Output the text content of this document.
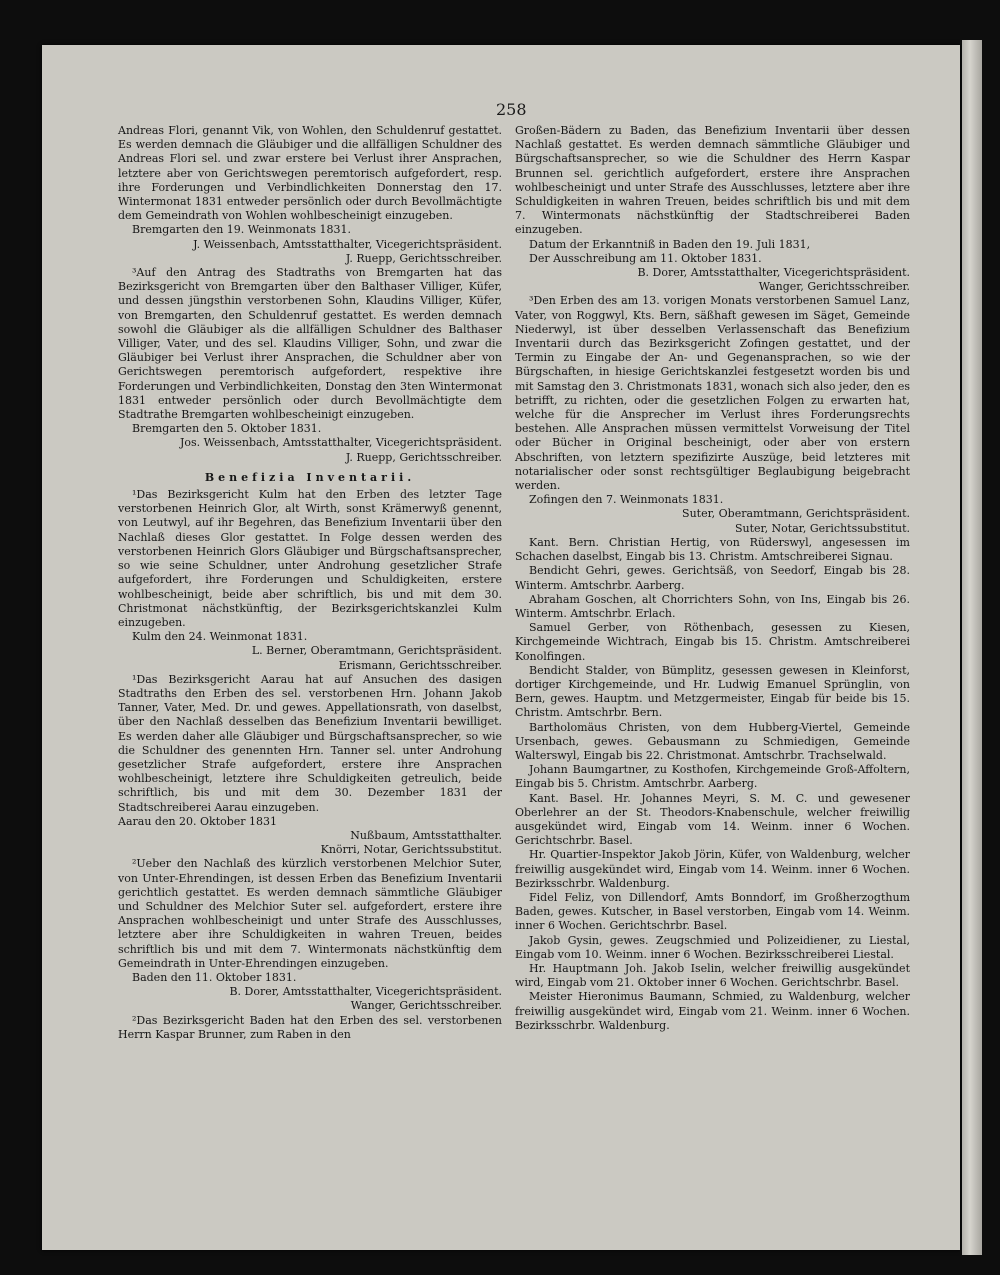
258

Andreas Flori, genannt Vik, von Wohlen, den Schuldenruf gestattet. Es werden demnach die Gläubiger und die allfälligen Schuldner des Andreas Flori sel. und zwar erstere bei Verlust ihrer Ansprachen, letztere aber von Gerichtswegen peremtorisch aufgefordert, resp. ihre Forderungen und Verbindlichkeiten Donnerstag den 17. Wintermonat 1831 entweder persönlich oder durch Bevollmächtigte dem Gemeindrath von Wohlen wohlbescheinigt einzugeben.

Bremgarten den 19. Weinmonats 1831.

J. Weissenbach, Amtsstatthalter, Vicegerichtspräsident.

J. Ruepp, Gerichtsschreiber.

³Auf den Antrag des Stadtraths von Bremgarten hat das Bezirksgericht von Bremgarten über den Balthaser Villiger, Küfer, und dessen jüngsthin verstorbenen Sohn, Klaudins Villiger, Küfer, von Bremgarten, den Schuldenruf gestattet. Es werden demnach sowohl die Gläubiger als die allfälligen Schuldner des Balthaser Villiger, Vater, und des sel. Klaudins Villiger, Sohn, und zwar die Gläubiger bei Verlust ihrer Ansprachen, die Schuldner aber von Gerichtswegen peremtorisch aufgefordert, respektive ihre Forderungen und Verbindlichkeiten, Donstag den 3ten Wintermonat 1831 entweder persönlich oder durch Bevollmächtigte dem Stadtrathe Bremgarten wohlbescheinigt einzugeben.

Bremgarten den 5. Oktober 1831.

Jos. Weissenbach, Amtsstatthalter, Vicegerichtspräsident.

J. Ruepp, Gerichtsschreiber.

Benefizia Inventarii.

¹Das Bezirksgericht Kulm hat den Erben des letzter Tage verstorbenen Heinrich Glor, alt Wirth, sonst Krämerwyß genennt, von Leutwyl, auf ihr Begehren, das Benefizium Inventarii über den Nachlaß dieses Glor gestattet. In Folge dessen werden des verstorbenen Heinrich Glors Gläubiger und Bürgschaftsansprecher, so wie seine Schuldner, unter Androhung gesetzlicher Strafe aufgefordert, ihre Forderungen und Schuldigkeiten, erstere wohlbescheinigt, beide aber schriftlich, bis und mit dem 30. Christmonat nächstkünftig, der Bezirksgerichtskanzlei Kulm einzugeben.

Kulm den 24. Weinmonat 1831.

L. Berner, Oberamtmann, Gerichtspräsident.

Erismann, Gerichtsschreiber.

¹Das Bezirksgericht Aarau hat auf Ansuchen des dasigen Stadtraths den Erben des sel. verstorbenen Hrn. Johann Jakob Tanner, Vater, Med. Dr. und gewes. Appellationsrath, von daselbst, über den Nachlaß desselben das Benefizium Inventarii bewilliget. Es werden daher alle Gläubiger und Bürgschaftsansprecher, so wie die Schuldner des genennten Hrn. Tanner sel. unter Androhung gesetzlicher Strafe aufgefordert, erstere ihre Ansprachen wohlbescheinigt, letztere ihre Schuldigkeiten getreulich, beide schriftlich, bis und mit dem 30. Dezember 1831 der Stadtschreiberei Aarau einzugeben.

Aarau den 20. Oktober 1831

Nußbaum, Amtsstatthalter.

Knörri, Notar, Gerichtssubstitut.

²Ueber den Nachlaß des kürzlich verstorbenen Melchior Suter, von Unter-Ehrendingen, ist dessen Erben das Benefizium Inventarii gerichtlich gestattet. Es werden demnach sämmtliche Gläubiger und Schuldner des Melchior Suter sel. aufgefordert, erstere ihre Ansprachen wohlbescheinigt und unter Strafe des Ausschlusses, letztere aber ihre Schuldigkeiten in wahren Treuen, beides schriftlich bis und mit dem 7. Wintermonats nächstkünftig dem Gemeindrath in Unter-Ehrendingen einzugeben.

Baden den 11. Oktober 1831.

B. Dorer, Amtsstatthalter, Vicegerichtspräsident.

Wanger, Gerichtsschreiber.

²Das Bezirksgericht Baden hat den Erben des sel. verstorbenen Herrn Kaspar Brunner, zum Raben in den

Großen-Bädern zu Baden, das Benefizium Inventarii über dessen Nachlaß gestattet. Es werden demnach sämmtliche Gläubiger und Bürgschaftsansprecher, so wie die Schuldner des Herrn Kaspar Brunnen sel. gerichtlich aufgefordert, erstere ihre Ansprachen wohlbescheinigt und unter Strafe des Ausschlusses, letztere aber ihre Schuldigkeiten in wahren Treuen, beides schriftlich bis und mit dem 7. Wintermonats nächstkünftig der Stadtschreiberei Baden einzugeben.

Datum der Erkanntniß in Baden den 19. Juli 1831,

Der Ausschreibung am 11. Oktober 1831.

B. Dorer, Amtsstatthalter, Vicegerichtspräsident.

Wanger, Gerichtsschreiber.

³Den Erben des am 13. vorigen Monats verstorbenen Samuel Lanz, Vater, von Roggwyl, Kts. Bern, säßhaft gewesen im Säget, Gemeinde Niederwyl, ist über desselben Verlassenschaft das Benefizium Inventarii durch das Bezirksgericht Zofingen gestattet, und der Termin zu Eingabe der An- und Gegenansprachen, so wie der Bürgschaften, in hiesige Gerichtskanzlei festgesetzt worden bis und mit Samstag den 3. Christmonats 1831, wonach sich also jeder, den es betrifft, zu richten, oder die gesetzlichen Folgen zu erwarten hat, welche für die Ansprecher im Verlust ihres Forderungsrechts bestehen. Alle Ansprachen müssen vermittelst Vorweisung der Titel oder Bücher in Original bescheinigt, oder aber von erstern Abschriften, von letztern spezifizirte Auszüge, beid letzteres mit notarialischer oder sonst rechtsgültiger Beglaubigung beigebracht werden.

Zofingen den 7. Weinmonats 1831.

Suter, Oberamtmann, Gerichtspräsident.

Suter, Notar, Gerichtssubstitut.

Kant. Bern. Christian Hertig, von Rüderswyl, angesessen im Schachen daselbst, Eingab bis 13. Christm. Amtschreiberei Signau.

Bendicht Gehri, gewes. Gerichtsäß, von Seedorf, Eingab bis 28. Winterm. Amtschrbr. Aarberg.

Abraham Goschen, alt Chorrichters Sohn, von Ins, Eingab bis 26. Winterm. Amtschrbr. Erlach.

Samuel Gerber, von Röthenbach, gesessen zu Kiesen, Kirchgemeinde Wichtrach, Eingab bis 15. Christm. Amtschreiberei Konolfingen.

Bendicht Stalder, von Bümplitz, gesessen gewesen in Kleinforst, dortiger Kirchgemeinde, und Hr. Ludwig Emanuel Sprünglin, von Bern, gewes. Hauptm. und Metzgermeister, Eingab für beide bis 15. Christm. Amtschrbr. Bern.

Bartholomäus Christen, von dem Hubberg-Viertel, Gemeinde Ursenbach, gewes. Gebausmann zu Schmiedigen, Gemeinde Walterswyl, Eingab bis 22. Christmonat. Amtschrbr. Trachselwald.

Johann Baumgartner, zu Kosthofen, Kirchgemeinde Groß-Affoltern, Eingab bis 5. Christm. Amtschrbr. Aarberg.

Kant. Basel. Hr. Johannes Meyri, S. M. C. und gewesener Oberlehrer an der St. Theodors-Knabenschule, welcher freiwillig ausgekündet wird, Eingab vom 14. Weinm. inner 6 Wochen. Gerichtschrbr. Basel.

Hr. Quartier-Inspektor Jakob Jörin, Küfer, von Waldenburg, welcher freiwillig ausgekündet wird, Eingab vom 14. Weinm. inner 6 Wochen. Bezirksschrbr. Waldenburg.

Fidel Feliz, von Dillendorf, Amts Bonndorf, im Großherzogthum Baden, gewes. Kutscher, in Basel verstorben, Eingab vom 14. Weinm. inner 6 Wochen. Gerichtschrbr. Basel.

Jakob Gysin, gewes. Zeugschmied und Polizeidiener, zu Liestal, Eingab vom 10. Weinm. inner 6 Wochen. Bezirksschreiberei Liestal.

Hr. Hauptmann Joh. Jakob Iselin, welcher freiwillig ausgekündet wird, Eingab vom 21. Oktober inner 6 Wochen. Gerichtschrbr. Basel.

Meister Hieronimus Baumann, Schmied, zu Waldenburg, welcher freiwillig ausgekündet wird, Eingab vom 21. Weinm. inner 6 Wochen. Bezirksschrbr. Waldenburg.
